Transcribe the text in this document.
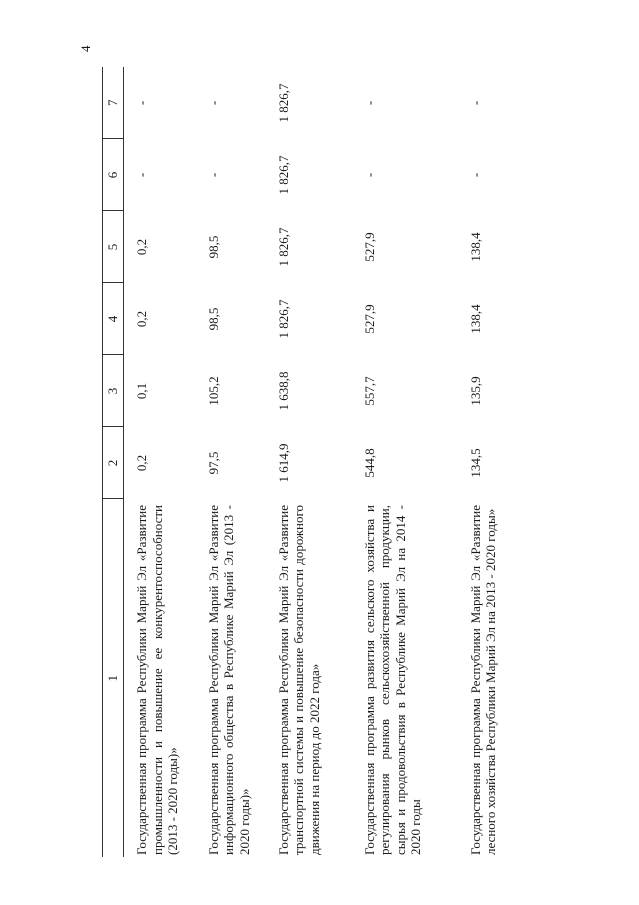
4
1	2	3	4	5	6	7
Государственная программа Республики Марий Эл «Развитие промышленности и повышение ее конкурентоспособности (2013 - 2020 годы)»	0,2	0,1	0,2	0,2	-	-
Государственная программа Республики Марий Эл «Развитие информационного общества в Республике Марий Эл (2013 - 2020 годы)»	97,5	105,2	98,5	98,5	-	-
Государственная программа Республики Марий Эл «Развитие транспортной системы и повышение безопасности дорожного движения на период до 2022 года»	1 614,9	1 638,8	1 826,7	1 826,7	1 826,7	1 826,7
Государственная программа развития сельского хозяйства и регулирования рынков сельскохозяйственной продукции, сырья и продовольствия в Республике Марий Эл на 2014 - 2020 годы	544,8	557,7	527,9	527,9	-	-
Государственная программа Республики Марий Эл «Развитие лесного хозяйства Республики Марий Эл на 2013 - 2020 годы»	134,5	135,9	138,4	138,4	-	-
